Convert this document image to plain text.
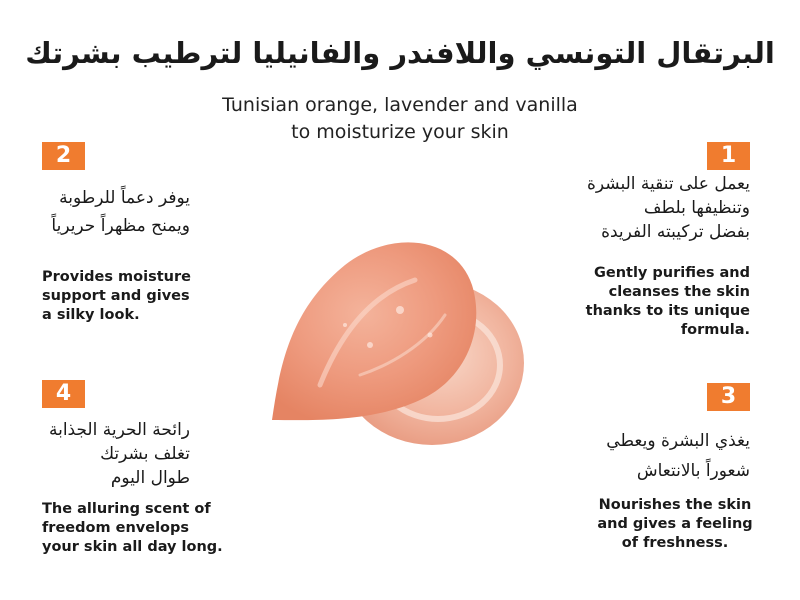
البرتقال التونسي واللافندر والفانيليا لترطيب بشرتك
Tunisian orange, lavender and vanilla
to moisturize your skin
2
يوفر دعماً للرطوبة
ويمنح مظهراً حريرياً
Provides moisture
support and gives
a silky look.
1
يعمل على تنقية البشرة
وتنظيفها بلطف
بفضل تركيبته الفريدة
Gently purifies and
cleanses the skin
thanks to its unique
formula.
4
رائحة الحرية الجذابة
تغلف بشرتك
طوال اليوم
The alluring scent of
freedom envelops
your skin all day long.
3
يغذي البشرة ويعطي
شعوراً بالانتعاش
Nourishes the skin
and gives a feeling
of freshness.
